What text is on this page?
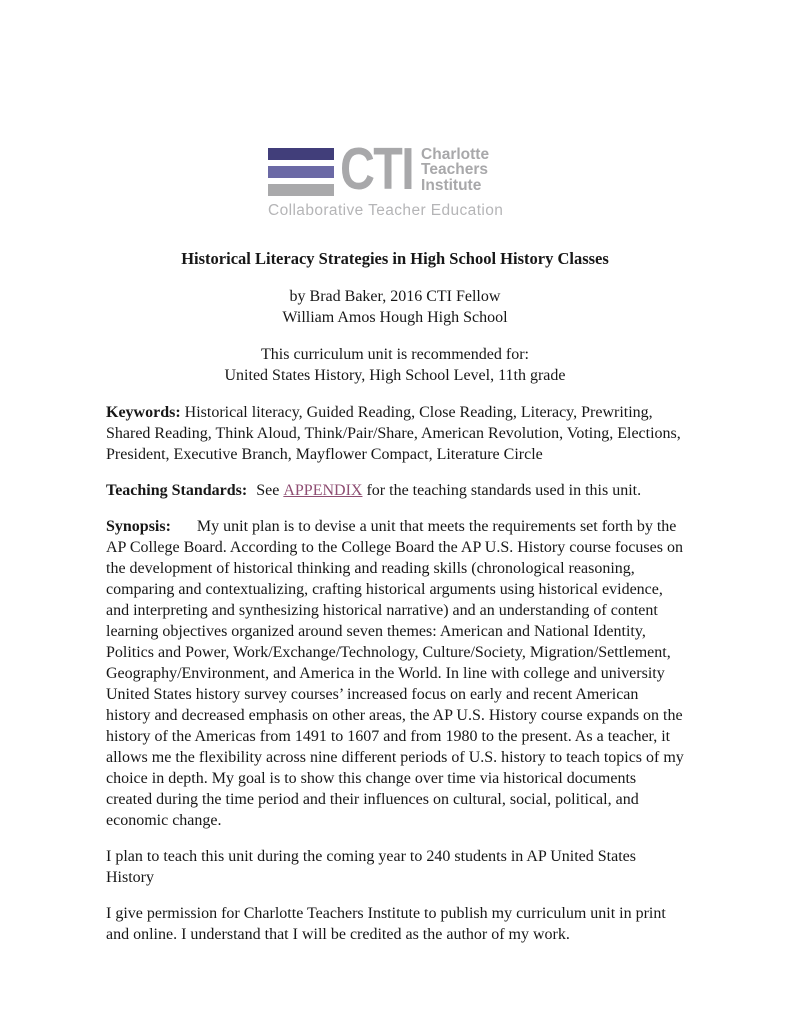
CTI Charlotte
Teachers
Institute
Collaborative Teacher Education
Historical Literacy Strategies in High School History Classes

by Brad Baker, 2016 CTI Fellow

William Amos Hough High School

This curriculum unit is recommended for:

United States History, High School Level, 11th grade

Keywords: Historical literacy, Guided Reading, Close Reading, Literacy, Prewriting, Shared Reading, Think Aloud, Think/Pair/Share, American Revolution, Voting, Elections, President, Executive Branch, Mayflower Compact, Literature Circle

Teaching Standards: See APPENDIX for the teaching standards used in this unit.

Synopsis: My unit plan is to devise a unit that meets the requirements set forth by the AP College Board. According to the College Board the AP U.S. History course focuses on the development of historical thinking and reading skills (chronological reasoning, comparing and contextualizing, crafting historical arguments using historical evidence, and interpreting and synthesizing historical narrative) and an understanding of content learning objectives organized around seven themes: American and National Identity, Politics and Power, Work/Exchange/Technology, Culture/Society, Migration/Settlement, Geography/Environment, and America in the World. In line with college and university United States history survey courses’ increased focus on early and recent American history and decreased emphasis on other areas, the AP U.S. History course expands on the history of the Americas from 1491 to 1607 and from 1980 to the present. As a teacher, it allows me the flexibility across nine different periods of U.S. history to teach topics of my choice in depth. My goal is to show this change over time via historical documents created during the time period and their influences on cultural, social, political, and economic change.

I plan to teach this unit during the coming year to 240 students in AP United States History

I give permission for Charlotte Teachers Institute to publish my curriculum unit in print and online. I understand that I will be credited as the author of my work.
